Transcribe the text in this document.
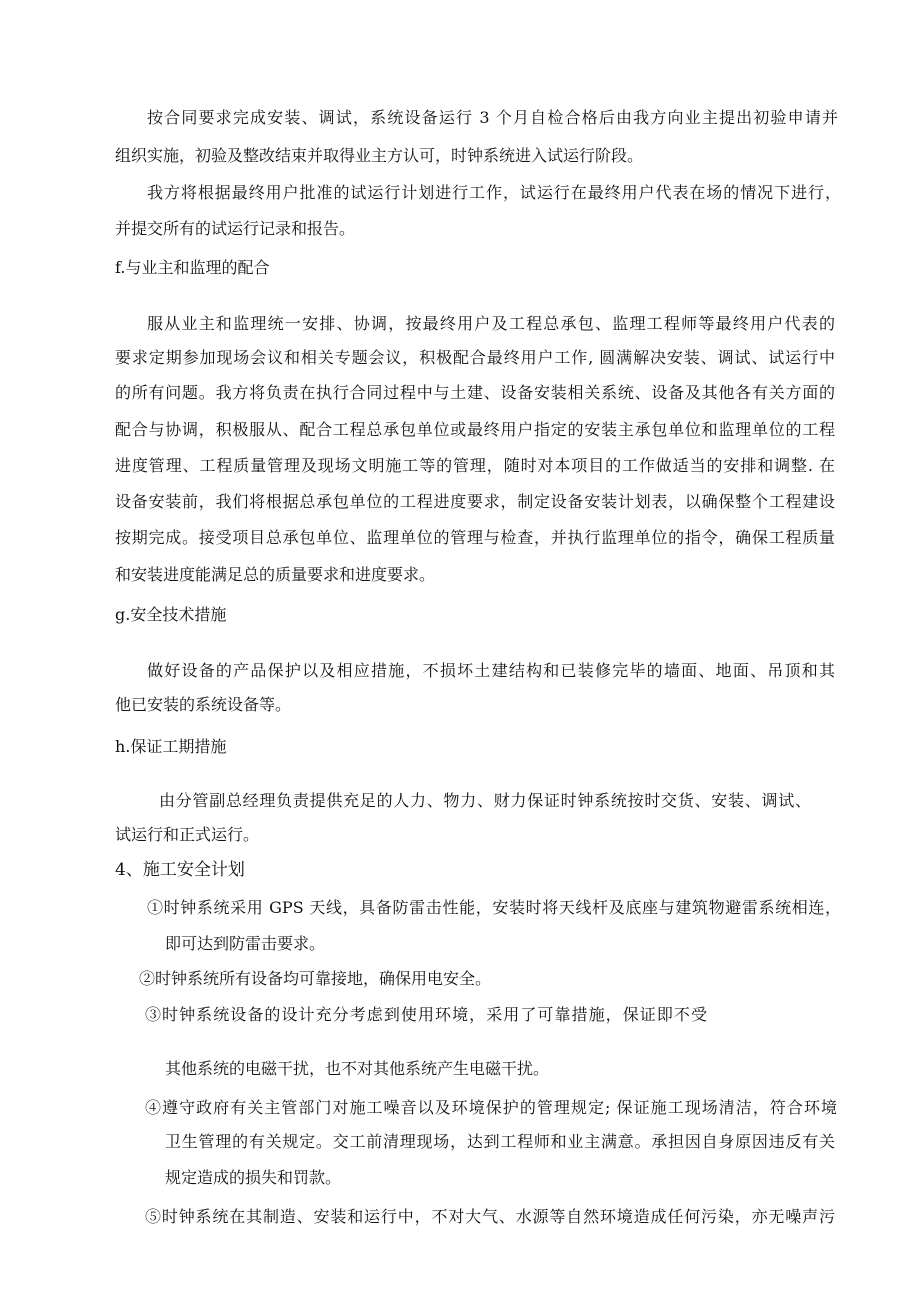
按合同要求完成安装、调试，系统设备运行 3 个月自检合格后由我方向业主提出初验申请并
组织实施，初验及整改结束并取得业主方认可，时钟系统进入试运行阶段。
我方将根据最终用户批准的试运行计划进行工作，试运行在最终用户代表在场的情况下进行，
并提交所有的试运行记录和报告。
f.与业主和监理的配合
服从业主和监理统一安排、协调，按最终用户及工程总承包、监理工程师等最终用户代表的
要求定期参加现场会议和相关专题会议，积极配合最终用户工作, 圆满解决安装、调试、试运行中
的所有问题。我方将负责在执行合同过程中与土建、设备安装相关系统、设备及其他各有关方面的
配合与协调，积极服从、配合工程总承包单位或最终用户指定的安装主承包单位和监理单位的工程
进度管理、工程质量管理及现场文明施工等的管理，随时对本项目的工作做适当的安排和调整. 在
设备安装前，我们将根据总承包单位的工程进度要求，制定设备安装计划表，以确保整个工程建设
按期完成。接受项目总承包单位、监理单位的管理与检查，并执行监理单位的指令，确保工程质量
和安装进度能满足总的质量要求和进度要求。
g.安全技术措施
做好设备的产品保护以及相应措施，不损坏土建结构和已装修完毕的墙面、地面、吊顶和其
他已安装的系统设备等。
h.保证工期措施
由分管副总经理负责提供充足的人力、物力、财力保证时钟系统按时交货、安装、调试、
试运行和正式运行。
4、施工安全计划
①时钟系统采用 GPS 天线，具备防雷击性能，安装时将天线杆及底座与建筑物避雷系统相连，
即可达到防雷击要求。
②时钟系统所有设备均可靠接地，确保用电安全。
③时钟系统设备的设计充分考虑到使用环境，采用了可靠措施，保证即不受
其他系统的电磁干扰，也不对其他系统产生电磁干扰。
④遵守政府有关主管部门对施工噪音以及环境保护的管理规定; 保证施工现场清洁，符合环境
卫生管理的有关规定。交工前清理现场，达到工程师和业主满意。承担因自身原因违反有关
规定造成的损失和罚款。
⑤时钟系统在其制造、安装和运行中，不对大气、水源等自然环境造成任何污染，亦无噪声污
